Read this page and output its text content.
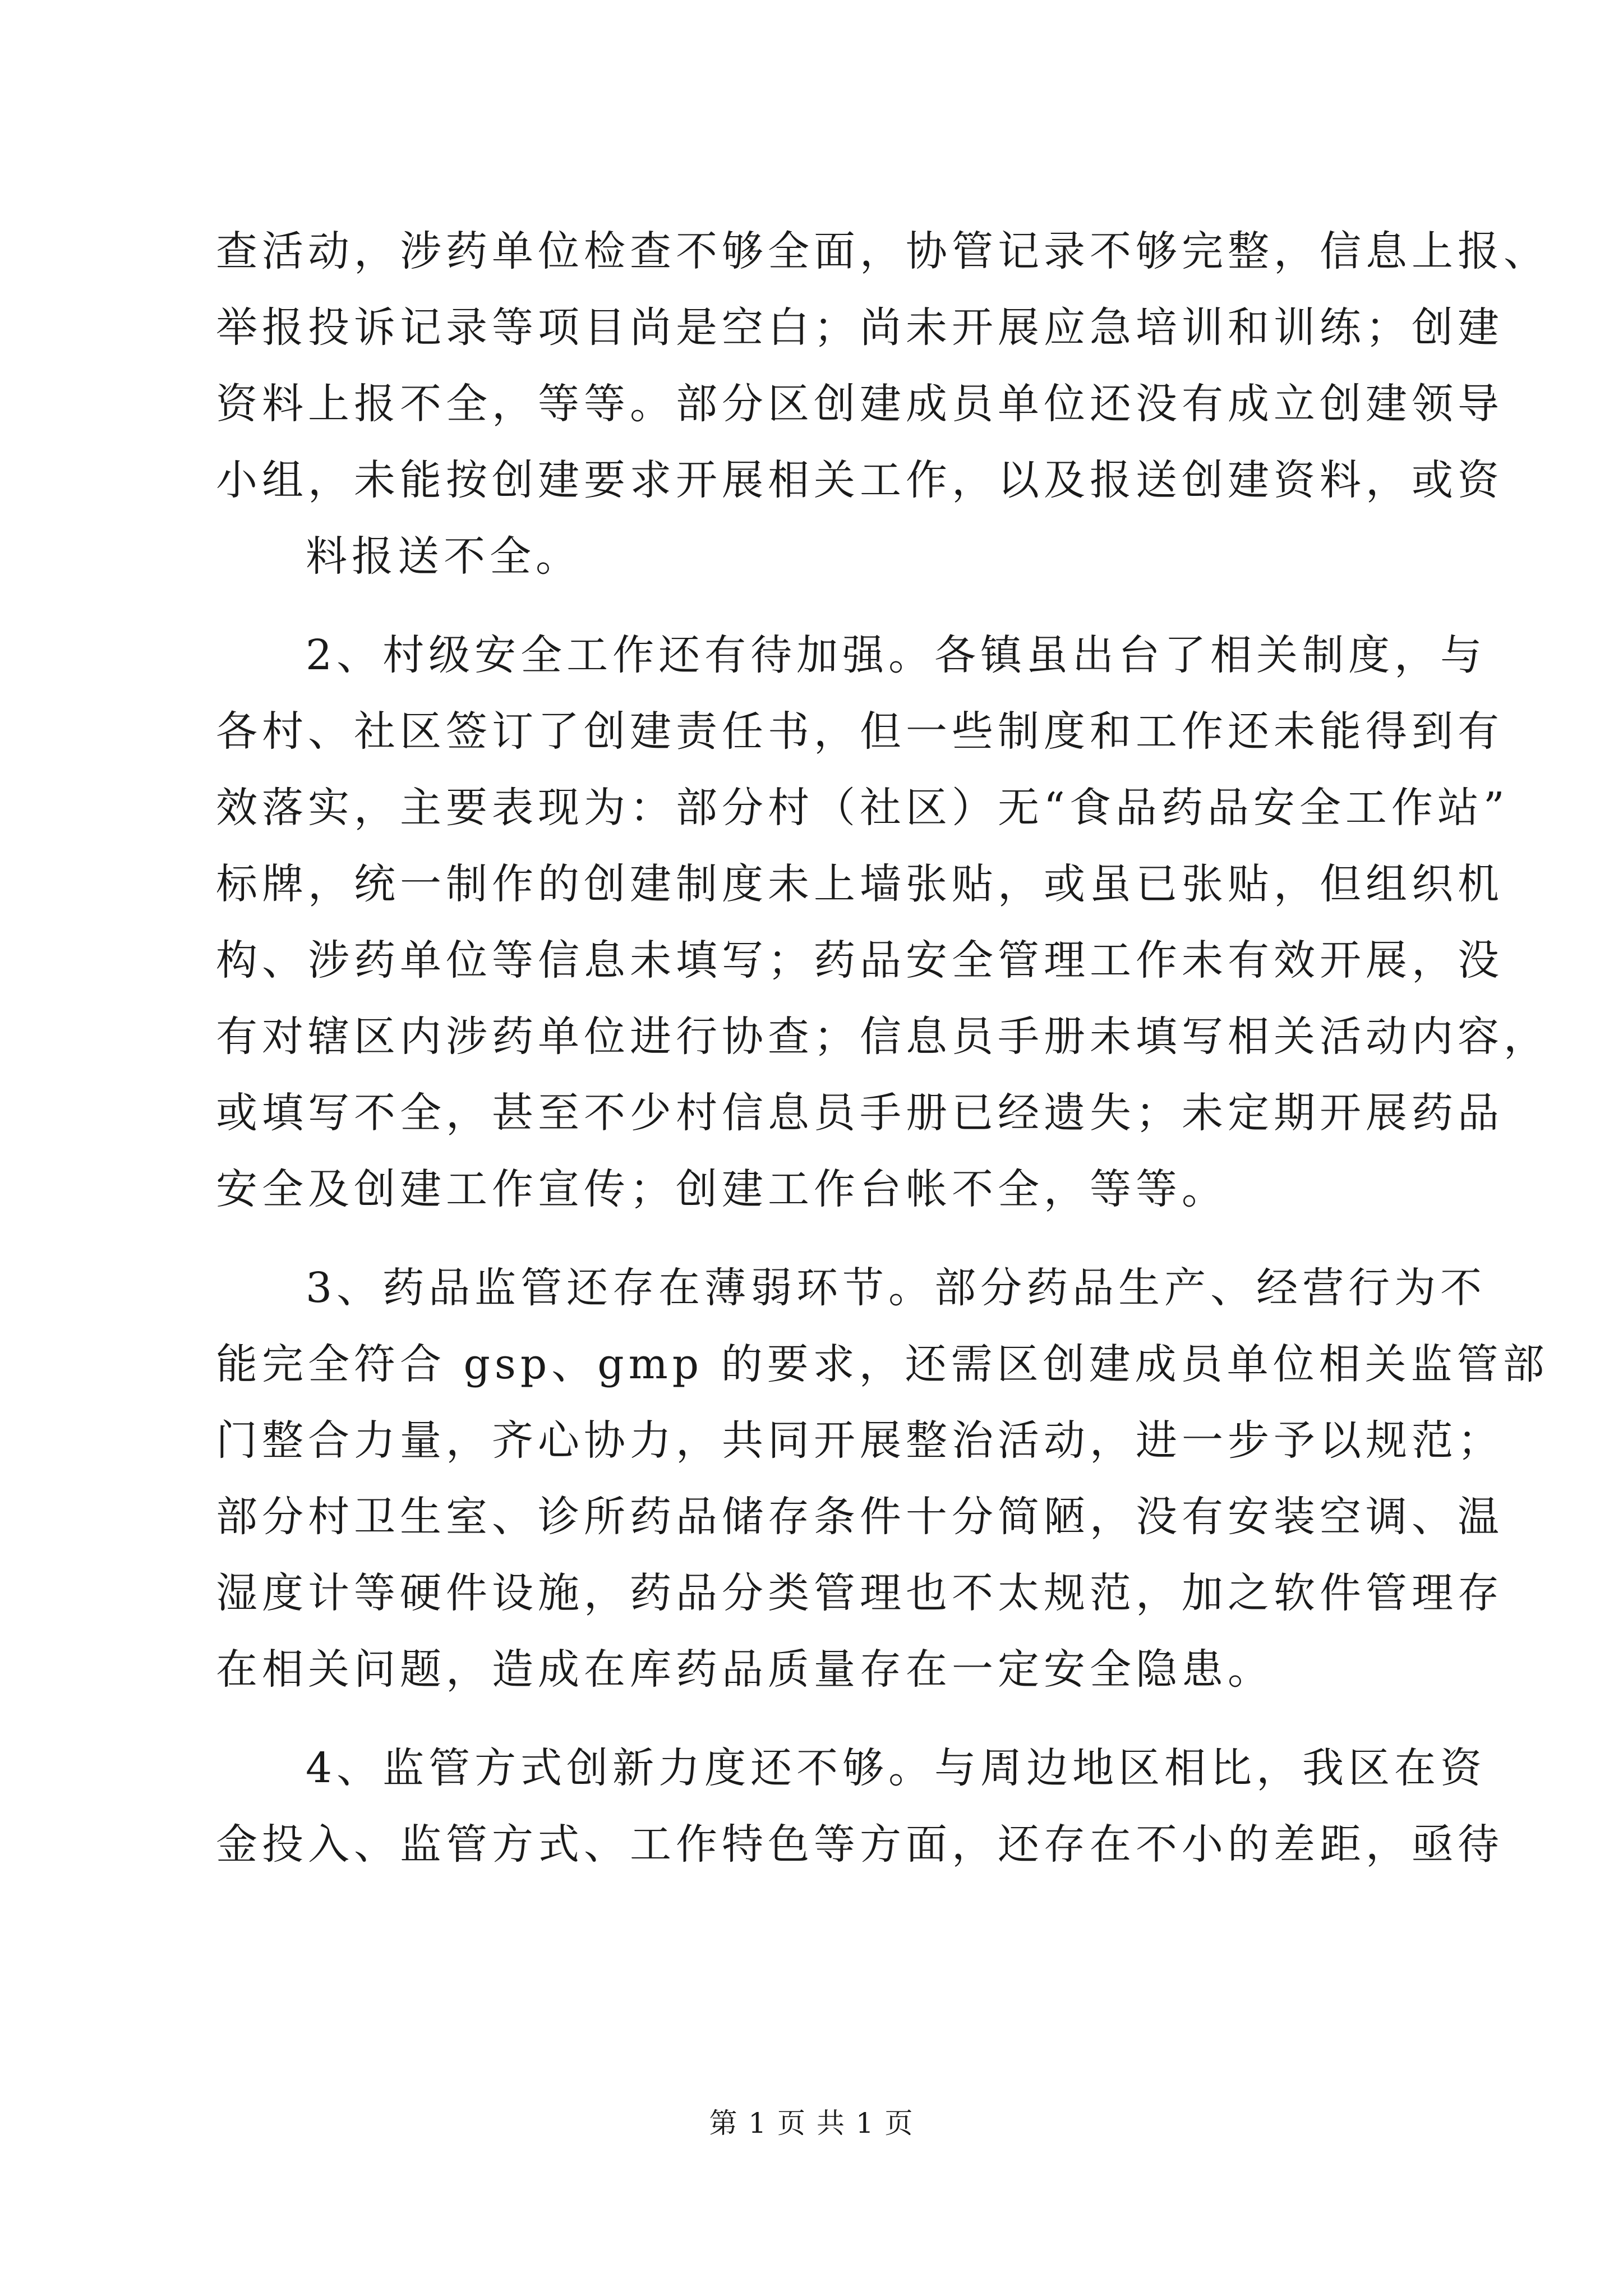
查活动，涉药单位检查不够全面，协管记录不够完整，信息上报、
举报投诉记录等项目尚是空白；尚未开展应急培训和训练；创建
资料上报不全，等等。部分区创建成员单位还没有成立创建领导
小组，未能按创建要求开展相关工作，以及报送创建资料，或资
料报送不全。
2、村级安全工作还有待加强。各镇虽出台了相关制度，与
各村、社区签订了创建责任书，但一些制度和工作还未能得到有
效落实，主要表现为：部分村（社区）无“食品药品安全工作站”
标牌，统一制作的创建制度未上墙张贴，或虽已张贴，但组织机
构、涉药单位等信息未填写；药品安全管理工作未有效开展，没
有对辖区内涉药单位进行协查；信息员手册未填写相关活动内容，
或填写不全，甚至不少村信息员手册已经遗失；未定期开展药品
安全及创建工作宣传；创建工作台帐不全，等等。
3、药品监管还存在薄弱环节。部分药品生产、经营行为不
能完全符合 gsp、gmp 的要求，还需区创建成员单位相关监管部
门整合力量，齐心协力，共同开展整治活动，进一步予以规范；
部分村卫生室、诊所药品储存条件十分简陋，没有安装空调、温
湿度计等硬件设施，药品分类管理也不太规范，加之软件管理存
在相关问题，造成在库药品质量存在一定安全隐患。
4、监管方式创新力度还不够。与周边地区相比，我区在资
金投入、监管方式、工作特色等方面，还存在不小的差距，亟待
第 1 页 共 1 页
